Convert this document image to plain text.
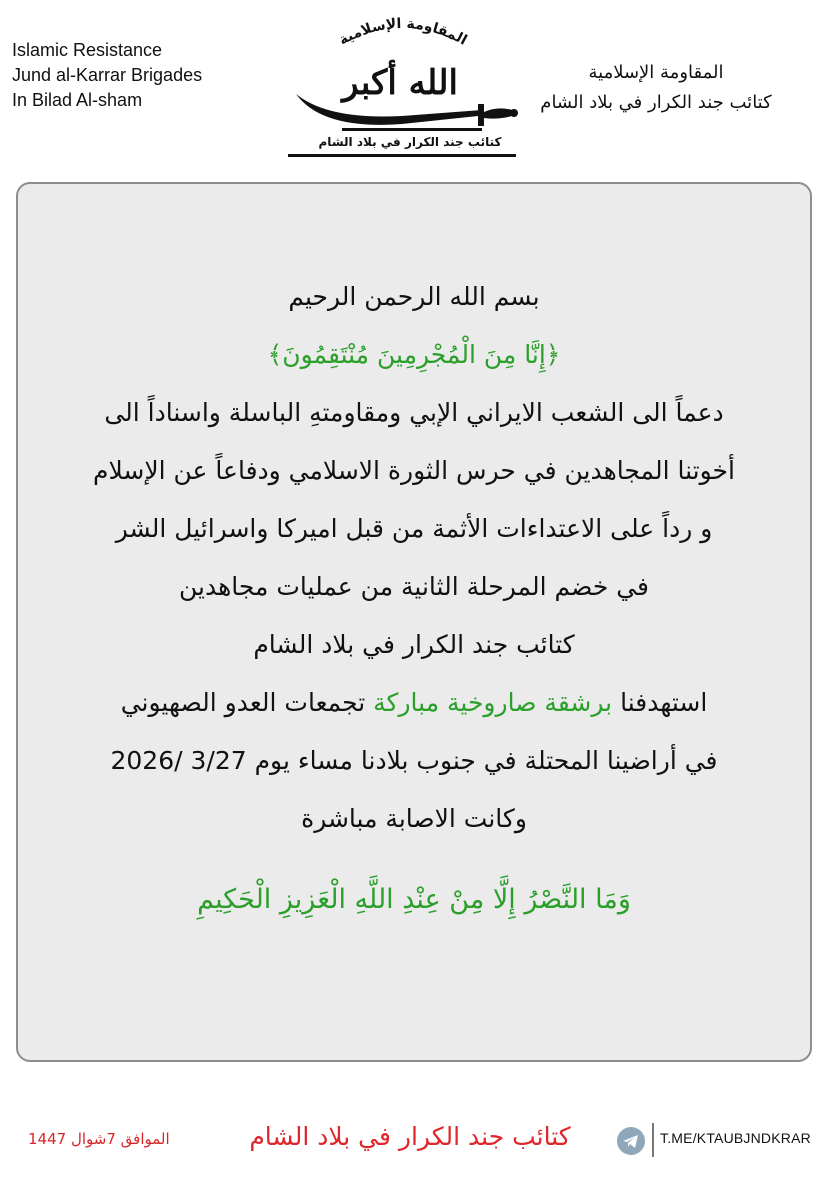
Islamic Resistance
Jund al-Karrar Brigades
In Bilad Al-sham
المقاومة الإسلامية
الله أكبر
كتائب جند الكرار في بلاد الشام
المقاومة الإسلامية
كتائب جند الكرار في بلاد الشام

بسم الله الرحمن الرحيم

﴿إِنَّا مِنَ الْمُجْرِمِينَ مُنْتَقِمُونَ﴾

دعماً الى الشعب الايراني الإبي ومقاومتهِ الباسلة واسناداً الى

أخوتنا المجاهدين في حرس الثورة الاسلامي ودفاعاً عن الإسلام

و رداً على الاعتداءات الأثمة من قبل اميركا واسرائيل الشر

في خضم المرحلة الثانية من عمليات مجاهدين

كتائب جند الكرار في بلاد الشام

استهدفنا برشقة صاروخية مباركة تجمعات العدو الصهيوني

في أراضينا المحتلة في جنوب بلادنا مساء يوم 3/27 /2026

وكانت الاصابة مباشرة

وَمَا النَّصْرُ إِلَّا مِنْ عِنْدِ اللَّهِ الْعَزِيزِ الْحَكِيمِ
الموافق 7شوال 1447	كتائب جند الكرار في بلاد الشام	T.ME/KTAUBJNDKRAR
